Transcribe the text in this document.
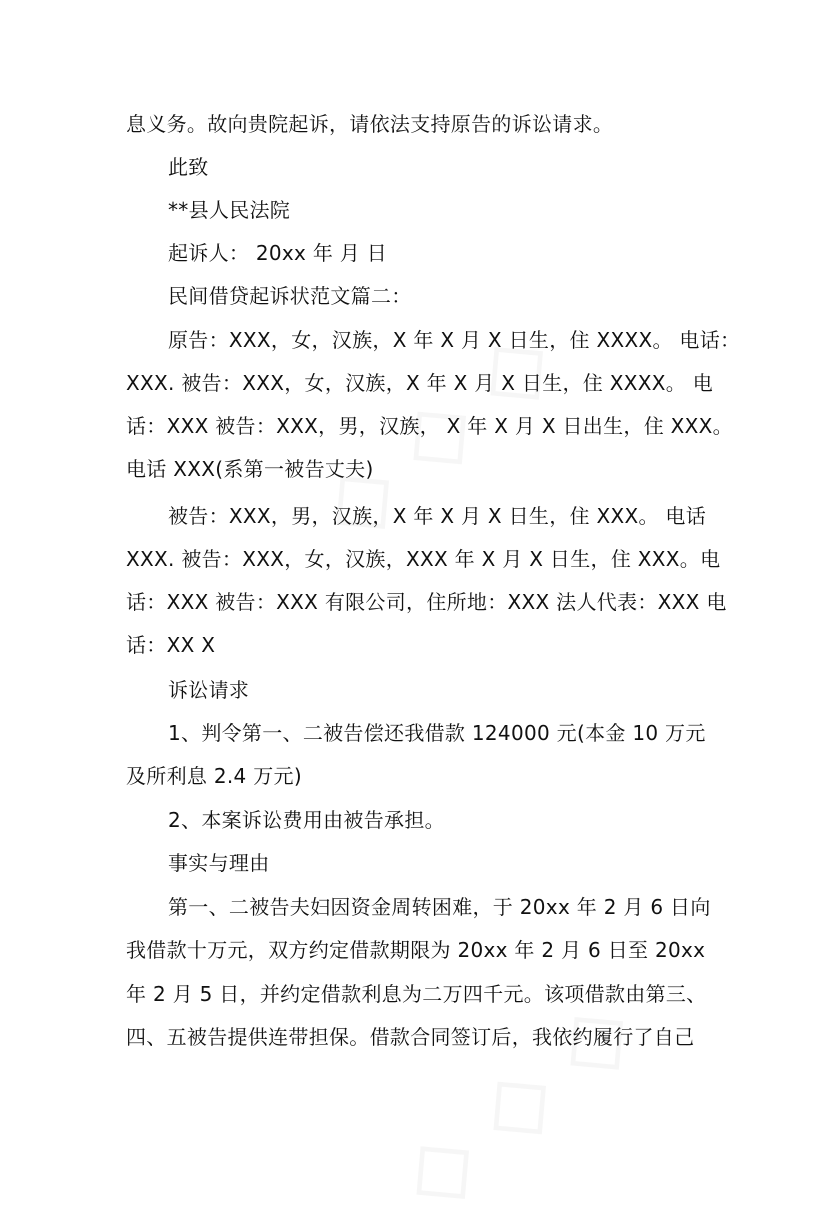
息义务。故向贵院起诉，请依法支持原告的诉讼请求。
此致
**县人民法院
起诉人： 20xx 年 月 日
民间借贷起诉状范文篇二：
原告：XXX，女，汉族，X 年 X 月 X 日生，住 XXXX。 电话：
XXX. 被告：XXX，女，汉族，X 年 X 月 X 日生，住 XXXX。 电
话：XXX 被告：XXX，男，汉族， X 年 X 月 X 日出生，住 XXX。
电话 XXX(系第一被告丈夫)
被告：XXX，男，汉族，X 年 X 月 X 日生，住 XXX。 电话
XXX. 被告：XXX，女，汉族，XXX 年 X 月 X 日生，住 XXX。电
话：XXX 被告：XXX 有限公司，住所地：XXX 法人代表：XXX 电
话：XX X
诉讼请求
1、判令第一、二被告偿还我借款 124000 元(本金 10 万元
及所利息 2.4 万元)
2、本案诉讼费用由被告承担。
事实与理由
第一、二被告夫妇因资金周转困难，于 20xx 年 2 月 6 日向
我借款十万元，双方约定借款期限为 20xx 年 2 月 6 日至 20xx
年 2 月 5 日，并约定借款利息为二万四千元。该项借款由第三、
四、五被告提供连带担保。借款合同签订后，我依约履行了自己
